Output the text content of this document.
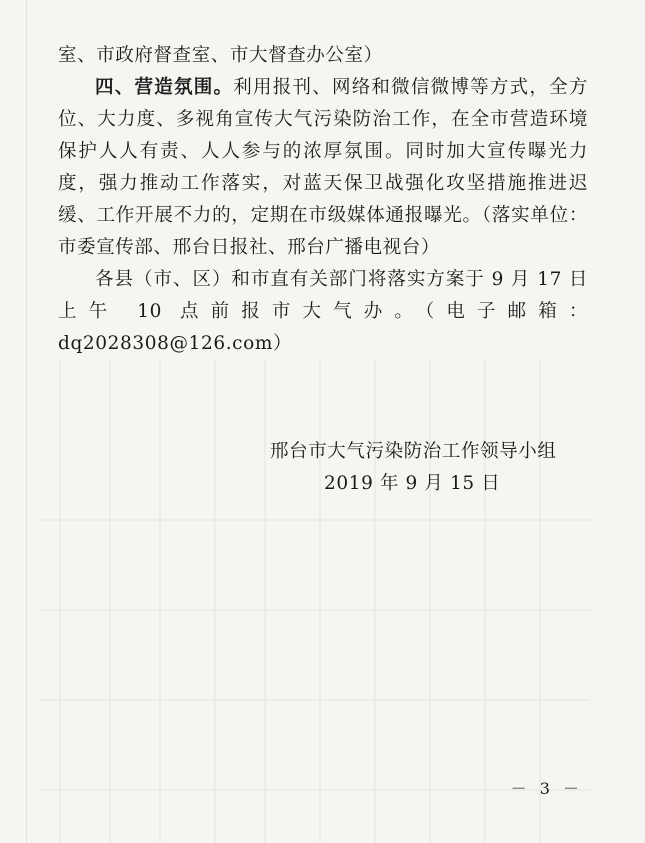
室、市政府督查室、市大督查办公室）

四、营造氛围。利用报刊、网络和微信微博等方式，全方位、大力度、多视角宣传大气污染防治工作，在全市营造环境保护人人有责、人人参与的浓厚氛围。同时加大宣传曝光力度，强力推动工作落实，对蓝天保卫战强化攻坚措施推进迟缓、工作开展不力的，定期在市级媒体通报曝光。（落实单位：市委宣传部、邢台日报社、邢台广播电视台）

各县（市、区）和市直有关部门将落实方案于 9 月 17 日上午 10 点前报市大气办。（电子邮箱：dq2028308@126.com）

邢台市大气污染防治工作领导小组
2019 年 9 月 15 日
－ 3 －
